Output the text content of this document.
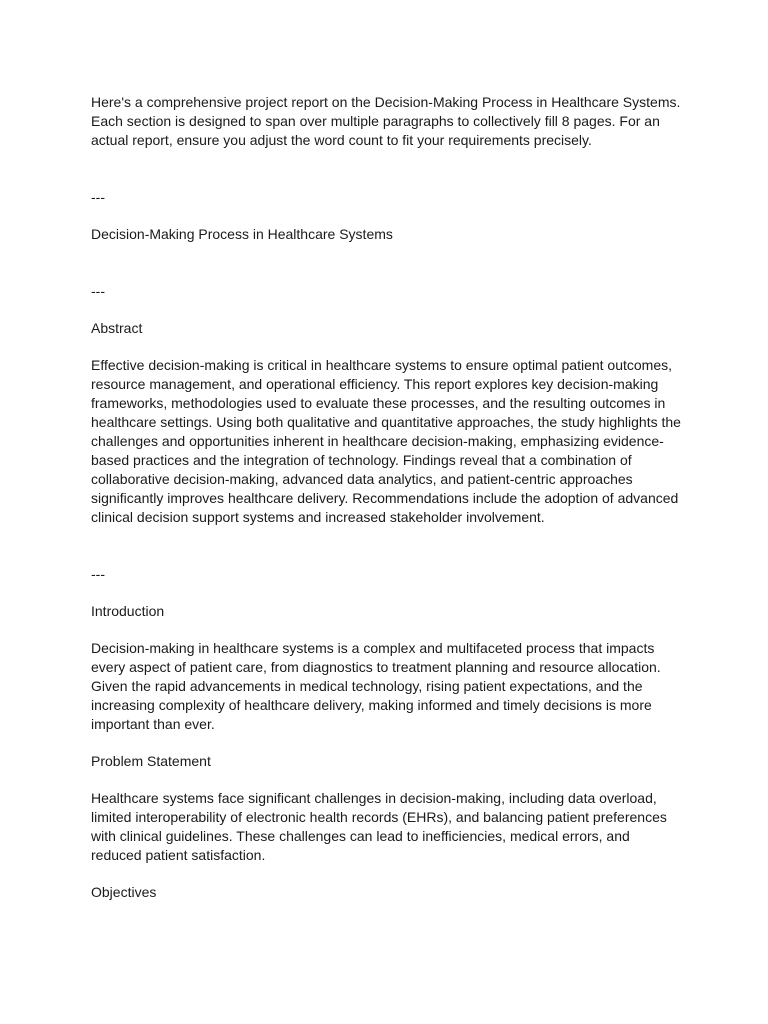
Here's a comprehensive project report on the Decision-Making Process in Healthcare Systems. Each section is designed to span over multiple paragraphs to collectively fill 8 pages. For an actual report, ensure you adjust the word count to fit your requirements precisely.

---

Decision-Making Process in Healthcare Systems

---

Abstract

Effective decision-making is critical in healthcare systems to ensure optimal patient outcomes, resource management, and operational efficiency. This report explores key decision-making frameworks, methodologies used to evaluate these processes, and the resulting outcomes in healthcare settings. Using both qualitative and quantitative approaches, the study highlights the challenges and opportunities inherent in healthcare decision-making, emphasizing evidence-based practices and the integration of technology. Findings reveal that a combination of collaborative decision-making, advanced data analytics, and patient-centric approaches significantly improves healthcare delivery. Recommendations include the adoption of advanced clinical decision support systems and increased stakeholder involvement.

---

Introduction

Decision-making in healthcare systems is a complex and multifaceted process that impacts every aspect of patient care, from diagnostics to treatment planning and resource allocation. Given the rapid advancements in medical technology, rising patient expectations, and the increasing complexity of healthcare delivery, making informed and timely decisions is more important than ever.

Problem Statement

Healthcare systems face significant challenges in decision-making, including data overload, limited interoperability of electronic health records (EHRs), and balancing patient preferences with clinical guidelines. These challenges can lead to inefficiencies, medical errors, and reduced patient satisfaction.

Objectives
